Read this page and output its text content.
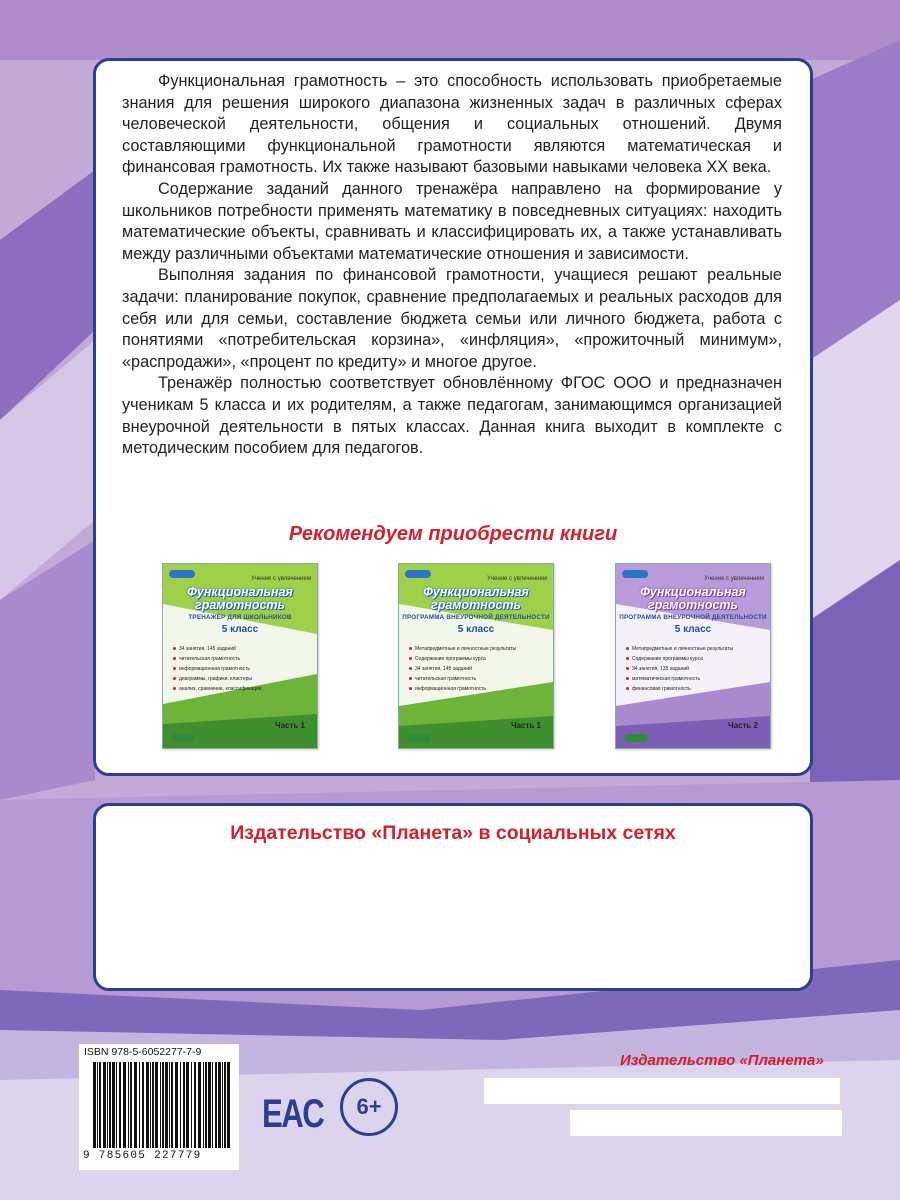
Функциональная грамотность – это способность использовать приобретаемые знания для решения широкого диапазона жизненных задач в различных сферах человеческой деятельности, общения и социальных отношений. Двумя составляющими функциональной грамотности являются математическая и финансовая грамотность. Их также называют базовыми навыками человека XX века.

Содержание заданий данного тренажёра направлено на формирование у школьников потребности применять математику в повседневных ситуациях: находить математические объекты, сравнивать и классифицировать их, а также устанавливать между различными объектами математические отношения и зависимости.

Выполняя задания по финансовой грамотности, учащиеся решают реальные задачи: планирование покупок, сравнение предполагаемых и реальных расходов для себя или для семьи, составление бюджета семьи или личного бюджета, работа с понятиями «потребительская корзина», «инфляция», «прожиточный минимум», «распродажи», «процент по кредиту» и многое другое.

Тренажёр полностью соответствует обновлённому ФГОС ООО и предназначен ученикам 5 класса и их родителям, а также педагогам, занимающимся организацией внеурочной деятельности в пятых классах. Данная книга выходит в комплекте с методическим пособием для педагогов.

Рекомендуем приобрести книги
Учение с увлечением
Функциональная грамотность
ТРЕНАЖЁР ДЛЯ ШКОЛЬНИКОВ
5 класс
34 занятия, 145 заданий
читательская грамотность
информационная грамотность
диаграммы, графики, кластеры
анализ, сравнение, классификация
Часть 1
Учение с увлечением
Функциональная грамотность
ПРОГРАММА ВНЕУРОЧНОЙ ДЕЯТЕЛЬНОСТИ
5 класс
Метапредметные и личностные результаты
Содержание программы курса
34 занятия, 145 заданий
читательская грамотность
информационная грамотность
Часть 1
Учение с увлечением
Функциональная грамотность
ПРОГРАММА ВНЕУРОЧНОЙ ДЕЯТЕЛЬНОСТИ
5 класс
Метапредметные и личностные результаты
Содержание программы курса
34 занятия, 135 заданий
математическая грамотность
финансовая грамотность
Часть 2
Издательство «Планета» в социальных сетях
ISBN 978-5-6052277-7-9
9 785605 227779
EAC	6+
Издательство «Планета»
